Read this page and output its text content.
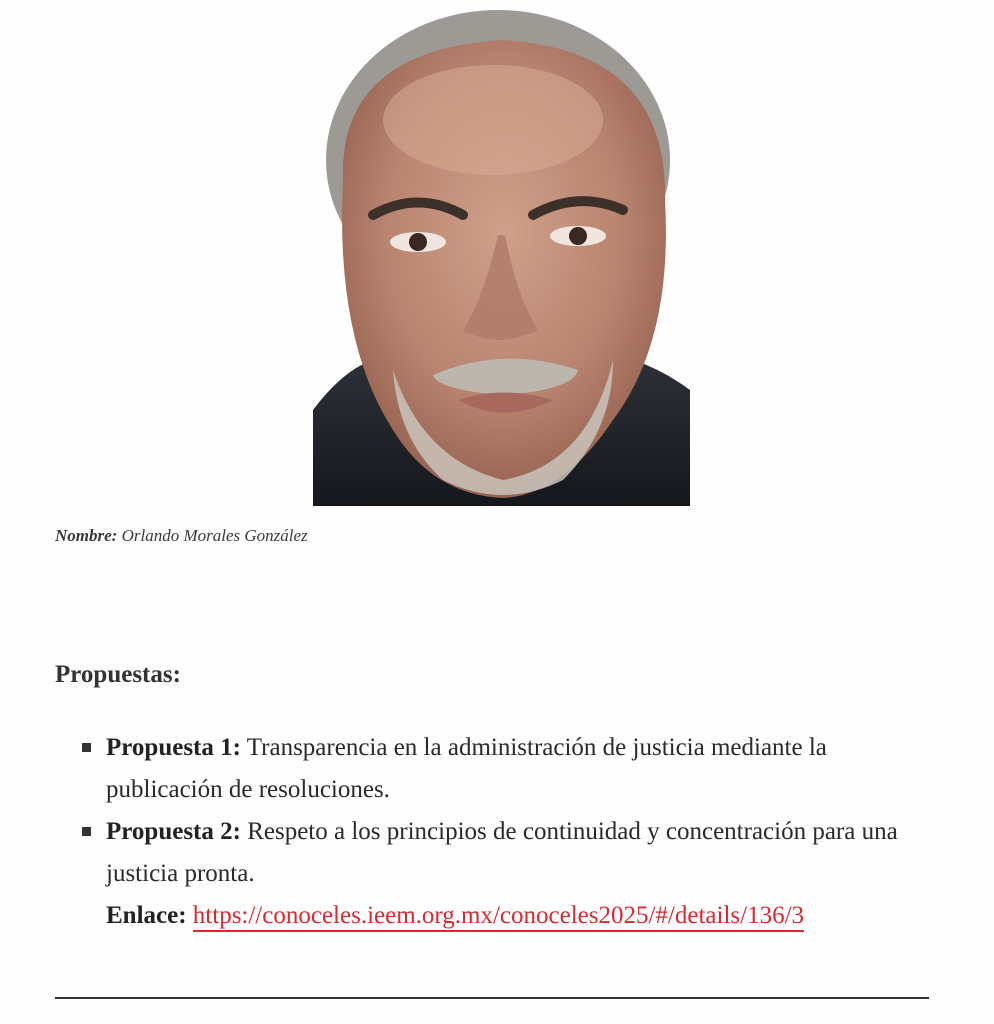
Nombre: Orlando Morales González
Propuestas:
Propuesta 1: Transparencia en la administración de justicia mediante la publicación de resoluciones.
Propuesta 2: Respeto a los principios de continuidad y concentración para una justicia pronta.
Enlace: https://conoceles.ieem.org.mx/conoceles2025/#/details/136/3
